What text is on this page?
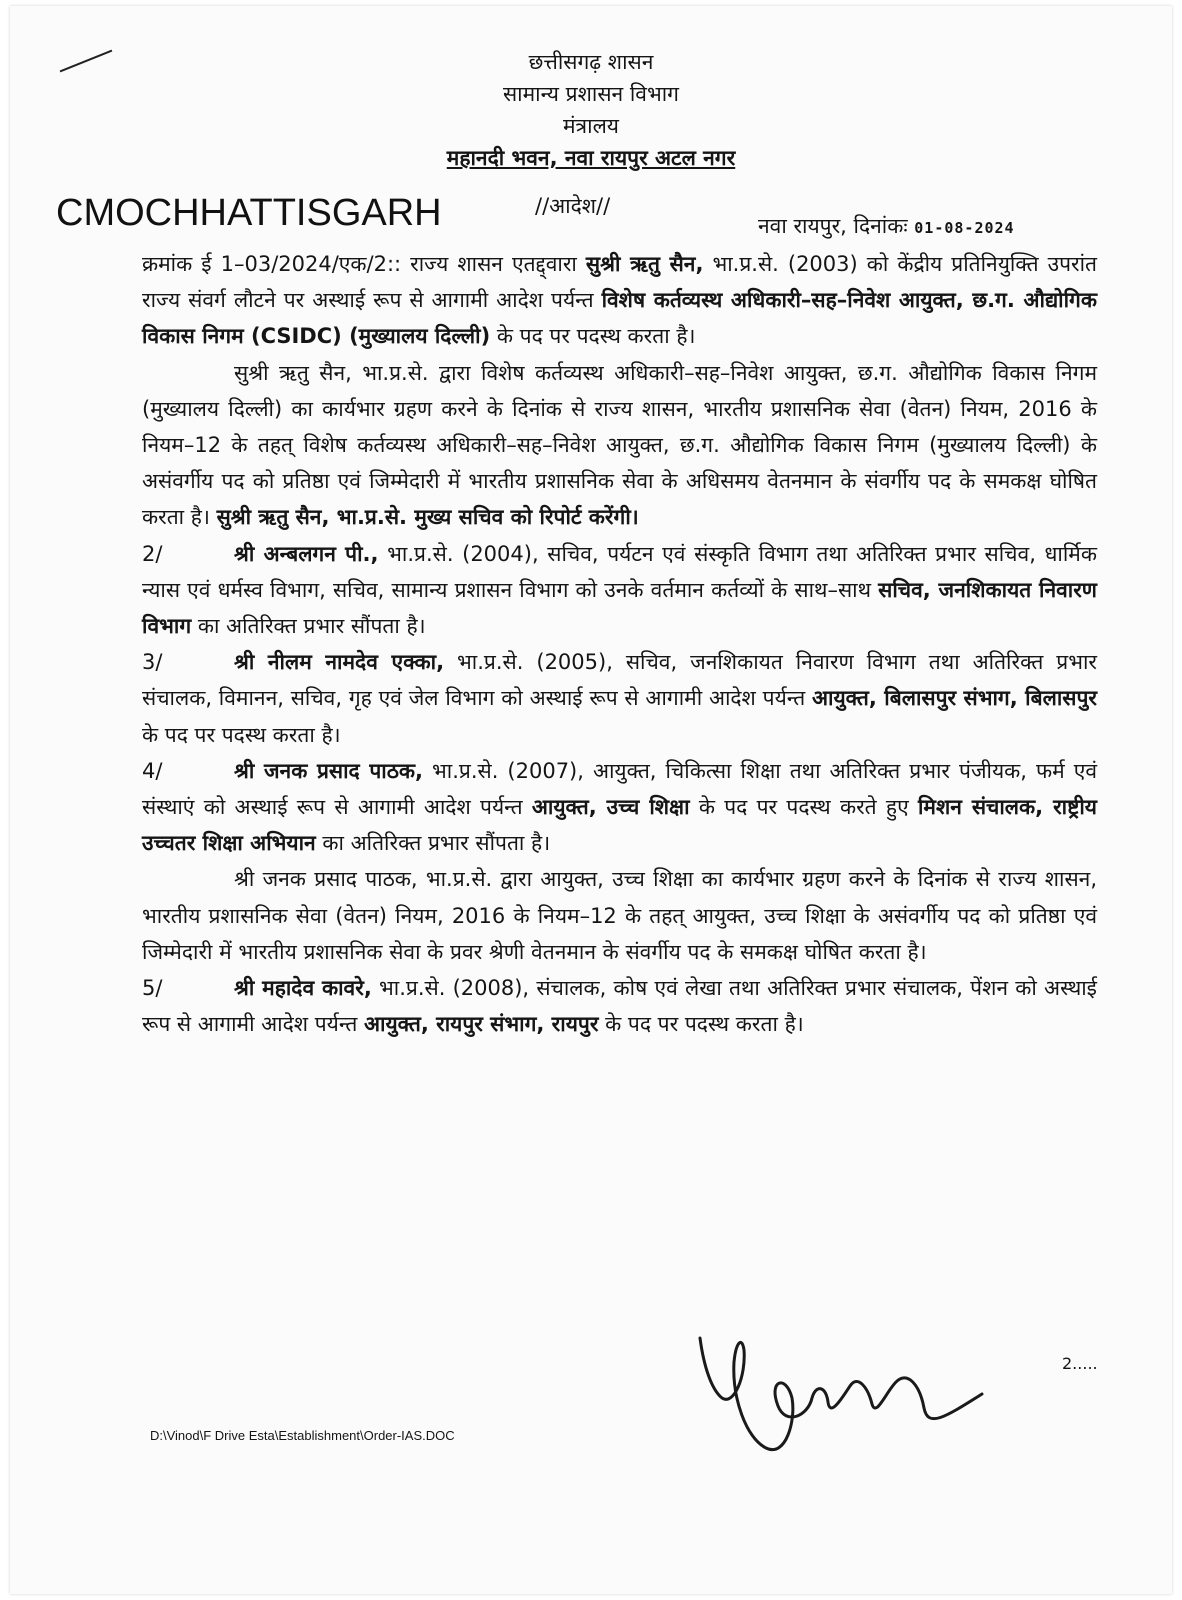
छत्तीसगढ़ शासन
सामान्य प्रशासन विभाग
मंत्रालय
महानदी भवन, नवा रायपुर अटल नगर
CMOCHHATTISGARH	//आदेश//
नवा रायपुर, दिनांकः 01-08-2024

क्रमांक ई 1–03/2024/एक/2:: राज्य शासन एतद्द्वारा सुश्री ऋतु सैन, भा.प्र.से. (2003) को केंद्रीय प्रतिनियुक्ति उपरांत राज्य संवर्ग लौटने पर अस्थाई रूप से आगामी आदेश पर्यन्त विशेष कर्तव्यस्थ अधिकारी–सह–निवेश आयुक्त, छ.ग. औद्योगिक विकास निगम (CSIDC) (मुख्यालय दिल्ली) के पद पर पदस्थ करता है।

सुश्री ऋतु सैन, भा.प्र.से. द्वारा विशेष कर्तव्यस्थ अधिकारी–सह–निवेश आयुक्त, छ.ग. औद्योगिक विकास निगम (मुख्यालय दिल्ली) का कार्यभार ग्रहण करने के दिनांक से राज्य शासन, भारतीय प्रशासनिक सेवा (वेतन) नियम, 2016 के नियम–12 के तहत् विशेष कर्तव्यस्थ अधिकारी–सह–निवेश आयुक्त, छ.ग. औद्योगिक विकास निगम (मुख्यालय दिल्ली) के असंवर्गीय पद को प्रतिष्ठा एवं जिम्मेदारी में भारतीय प्रशासनिक सेवा के अधिसमय वेतनमान के संवर्गीय पद के समकक्ष घोषित करता है। सुश्री ऋतु सैन, भा.प्र.से. मुख्य सचिव को रिपोर्ट करेंगी।

2/	श्री अन्बलगन पी., भा.प्र.से. (2004), सचिव, पर्यटन एवं संस्कृति विभाग तथा अतिरिक्त प्रभार सचिव, धार्मिक न्यास एवं धर्मस्व विभाग, सचिव, सामान्य प्रशासन विभाग को उनके वर्तमान कर्तव्यों के साथ–साथ सचिव, जनशिकायत निवारण विभाग का अतिरिक्त प्रभार सौंपता है।

3/	श्री नीलम नामदेव एक्का, भा.प्र.से. (2005), सचिव, जनशिकायत निवारण विभाग तथा अतिरिक्त प्रभार संचालक, विमानन, सचिव, गृह एवं जेल विभाग को अस्थाई रूप से आगामी आदेश पर्यन्त आयुक्त, बिलासपुर संभाग, बिलासपुर के पद पर पदस्थ करता है।

4/	श्री जनक प्रसाद पाठक, भा.प्र.से. (2007), आयुक्त, चिकित्सा शिक्षा तथा अतिरिक्त प्रभार पंजीयक, फर्म एवं संस्थाएं को अस्थाई रूप से आगामी आदेश पर्यन्त आयुक्त, उच्च शिक्षा के पद पर पदस्थ करते हुए मिशन संचालक, राष्ट्रीय उच्चतर शिक्षा अभियान का अतिरिक्त प्रभार सौंपता है।

श्री जनक प्रसाद पाठक, भा.प्र.से. द्वारा आयुक्त, उच्च शिक्षा का कार्यभार ग्रहण करने के दिनांक से राज्य शासन, भारतीय प्रशासनिक सेवा (वेतन) नियम, 2016 के नियम–12 के तहत् आयुक्त, उच्च शिक्षा के असंवर्गीय पद को प्रतिष्ठा एवं जिम्मेदारी में भारतीय प्रशासनिक सेवा के प्रवर श्रेणी वेतनमान के संवर्गीय पद के समकक्ष घोषित करता है।

5/	श्री महादेव कावरे, भा.प्र.से. (2008), संचालक, कोष एवं लेखा तथा अतिरिक्त प्रभार संचालक, पेंशन को अस्थाई रूप से आगामी आदेश पर्यन्त आयुक्त, रायपुर संभाग, रायपुर के पद पर पदस्थ करता है।

2.....
D:\Vinod\F Drive Esta\Establishment\Order-IAS.DOC
